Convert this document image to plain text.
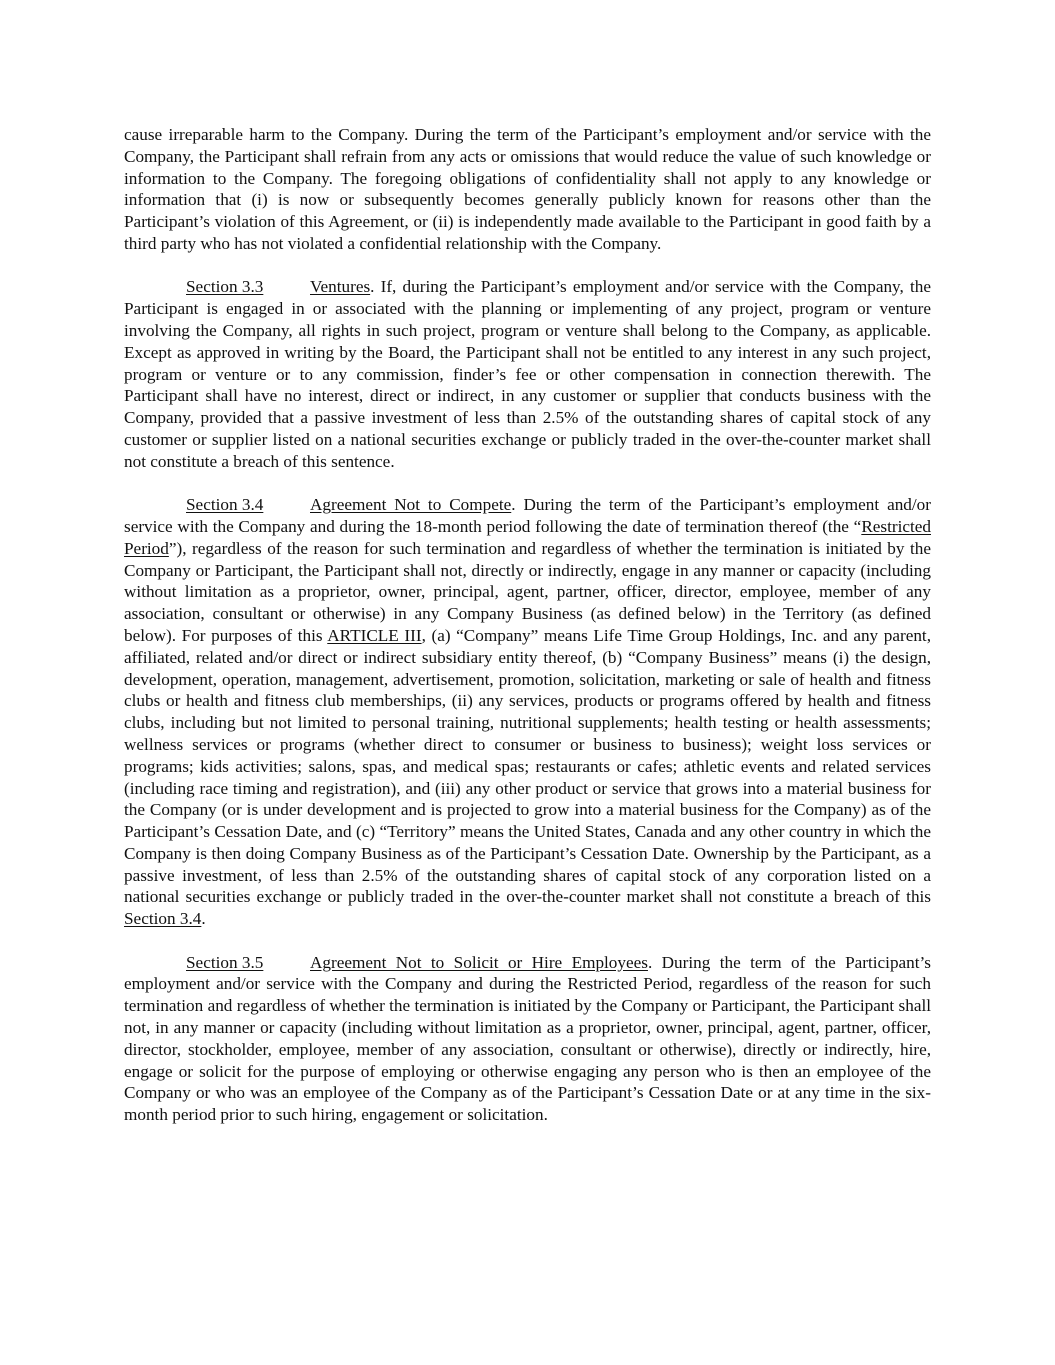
cause irreparable harm to the Company. During the term of the Participant’s employment and/or service with the Company, the Participant shall refrain from any acts or omissions that would reduce the value of such knowledge or information to the Company. The foregoing obligations of confidentiality shall not apply to any knowledge or information that (i) is now or subsequently becomes generally publicly known for reasons other than the Participant’s violation of this Agreement, or (ii) is independently made available to the Participant in good faith by a third party who has not violated a confidential relationship with the Company.

Section 3.3	Ventures. If, during the Participant’s employment and/or service with the Company, the Participant is engaged in or associated with the planning or implementing of any project, program or venture involving the Company, all rights in such project, program or venture shall belong to the Company, as applicable. Except as approved in writing by the Board, the Participant shall not be entitled to any interest in any such project, program or venture or to any commission, finder’s fee or other compensation in connection therewith. The Participant shall have no interest, direct or indirect, in any customer or supplier that conducts business with the Company, provided that a passive investment of less than 2.5% of the outstanding shares of capital stock of any customer or supplier listed on a national securities exchange or publicly traded in the over-the-counter market shall not constitute a breach of this sentence.

Section 3.4	Agreement Not to Compete. During the term of the Participant’s employment and/or service with the Company and during the 18-month period following the date of termination thereof (the “Restricted Period”), regardless of the reason for such termination and regardless of whether the termination is initiated by the Company or Participant, the Participant shall not, directly or indirectly, engage in any manner or capacity (including without limitation as a proprietor, owner, principal, agent, partner, officer, director, employee, member of any association, consultant or otherwise) in any Company Business (as defined below) in the Territory (as defined below). For purposes of this ARTICLE III, (a) “Company” means Life Time Group Holdings, Inc. and any parent, affiliated, related and/or direct or indirect subsidiary entity thereof, (b) “Company Business” means (i) the design, development, operation, management, advertisement, promotion, solicitation, marketing or sale of health and fitness clubs or health and fitness club memberships, (ii) any services, products or programs offered by health and fitness clubs, including but not limited to personal training, nutritional supplements; health testing or health assessments; wellness services or programs (whether direct to consumer or business to business); weight loss services or programs; kids activities; salons, spas, and medical spas; restaurants or cafes; athletic events and related services (including race timing and registration), and (iii) any other product or service that grows into a material business for the Company (or is under development and is projected to grow into a material business for the Company) as of the Participant’s Cessation Date, and (c) “Territory” means the United States, Canada and any other country in which the Company is then doing Company Business as of the Participant’s Cessation Date. Ownership by the Participant, as a passive investment, of less than 2.5% of the outstanding shares of capital stock of any corporation listed on a national securities exchange or publicly traded in the over-the-counter market shall not constitute a breach of this Section 3.4.

Section 3.5	Agreement Not to Solicit or Hire Employees. During the term of the Participant’s employment and/or service with the Company and during the Restricted Period, regardless of the reason for such termination and regardless of whether the termination is initiated by the Company or Participant, the Participant shall not, in any manner or capacity (including without limitation as a proprietor, owner, principal, agent, partner, officer, director, stockholder, employee, member of any association, consultant or otherwise), directly or indirectly, hire, engage or solicit for the purpose of employing or otherwise engaging any person who is then an employee of the Company or who was an employee of the Company as of the Participant’s Cessation Date or at any time in the six-month period prior to such hiring, engagement or solicitation.
